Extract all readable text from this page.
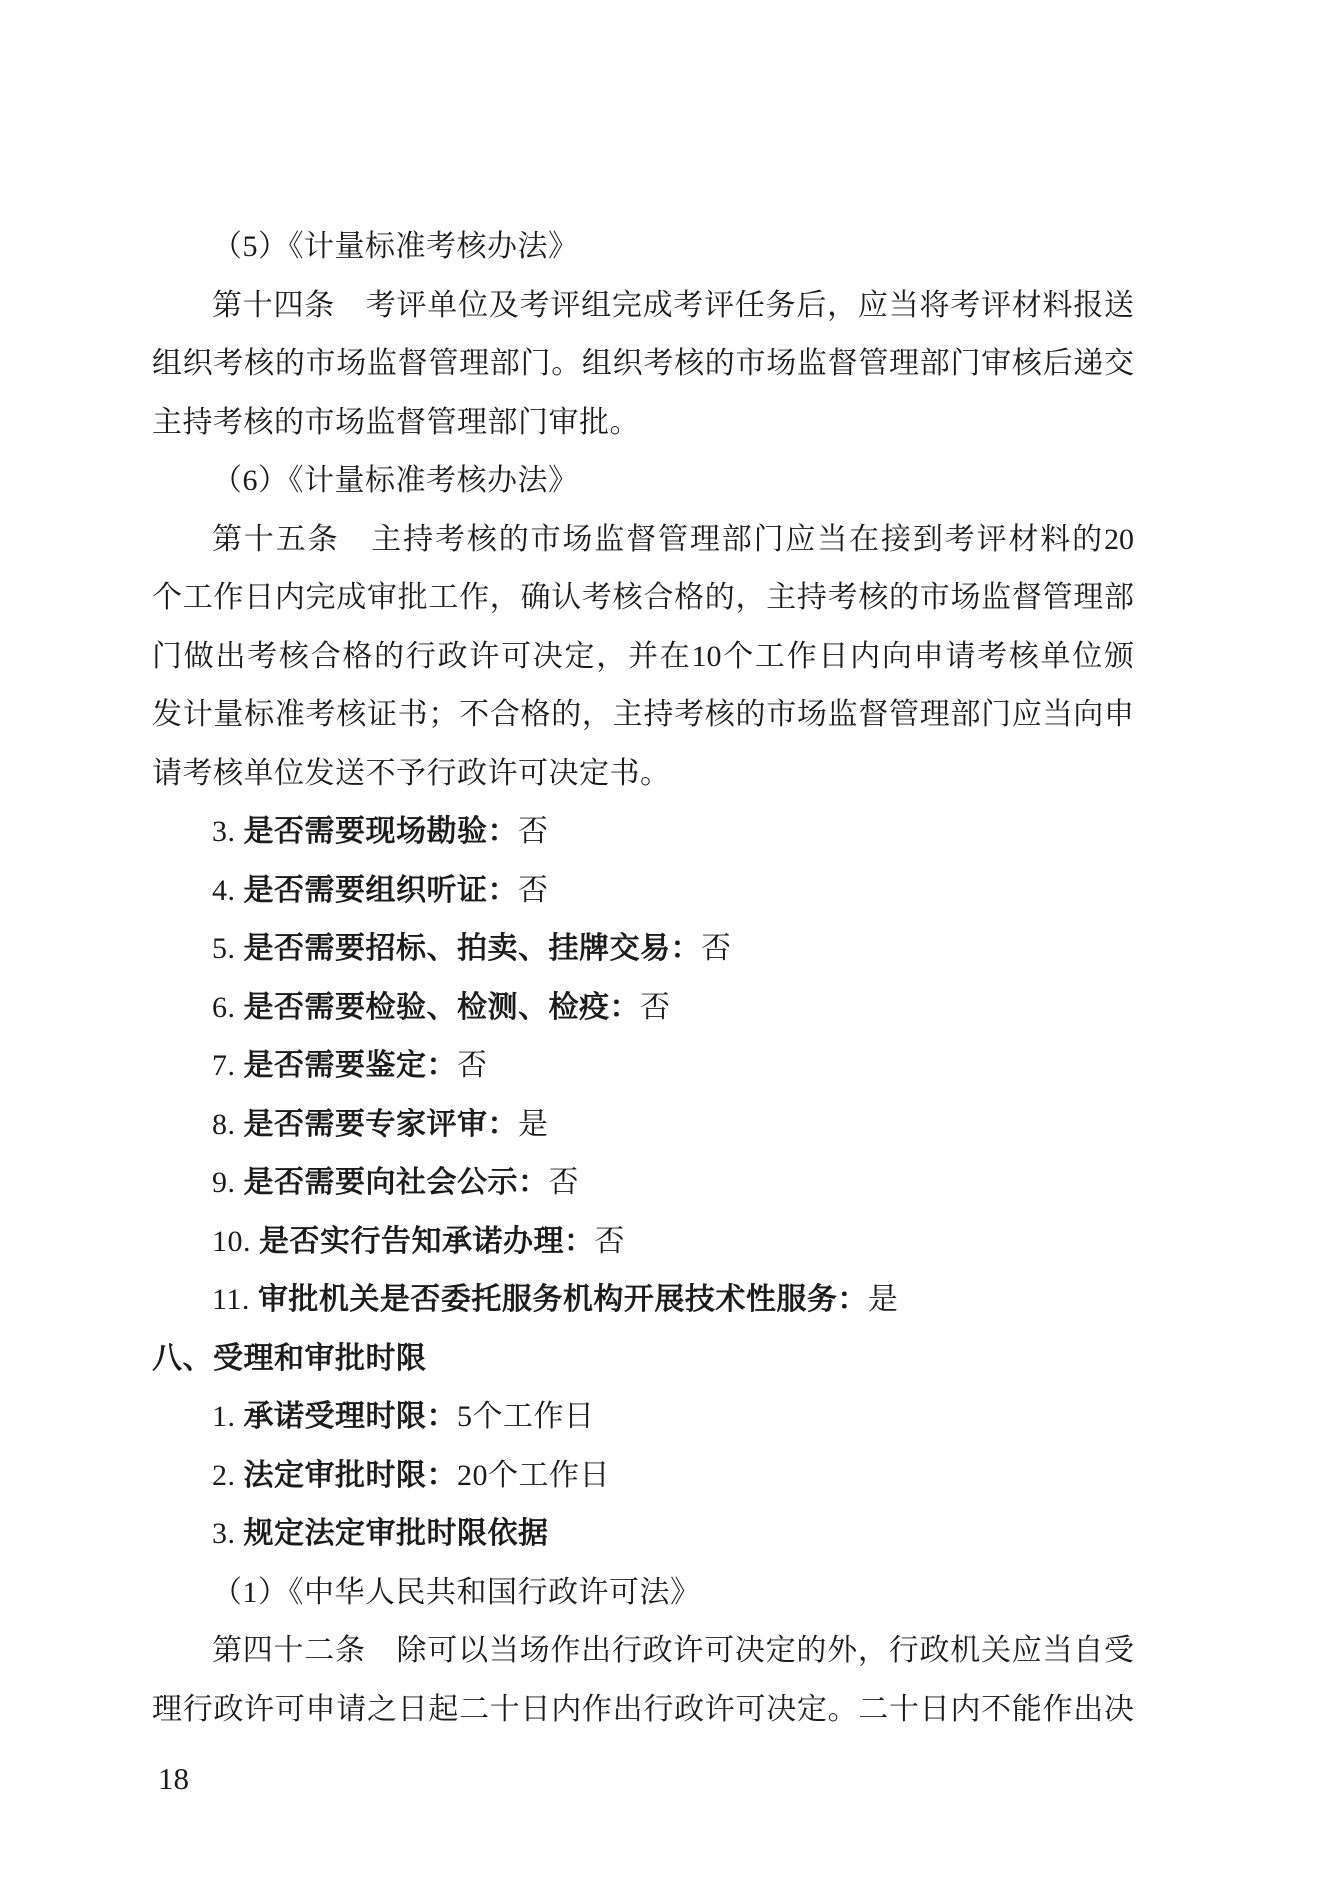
（5）《计量标准考核办法》
第十四条　考评单位及考评组完成考评任务后，应当将考评材料报送
组织考核的市场监督管理部门。组织考核的市场监督管理部门审核后递交
主持考核的市场监督管理部门审批。
（6）《计量标准考核办法》
第十五条　主持考核的市场监督管理部门应当在接到考评材料的20
个工作日内完成审批工作，确认考核合格的，主持考核的市场监督管理部
门做出考核合格的行政许可决定，并在10个工作日内向申请考核单位颁
发计量标准考核证书；不合格的，主持考核的市场监督管理部门应当向申
请考核单位发送不予行政许可决定书。
3. 是否需要现场勘验：否
4. 是否需要组织听证：否
5. 是否需要招标、拍卖、挂牌交易：否
6. 是否需要检验、检测、检疫：否
7. 是否需要鉴定：否
8. 是否需要专家评审：是
9. 是否需要向社会公示：否
10. 是否实行告知承诺办理：否
11. 审批机关是否委托服务机构开展技术性服务：是
八、受理和审批时限
1. 承诺受理时限：5个工作日
2. 法定审批时限：20个工作日
3. 规定法定审批时限依据
（1）《中华人民共和国行政许可法》
第四十二条　除可以当场作出行政许可决定的外，行政机关应当自受
理行政许可申请之日起二十日内作出行政许可决定。二十日内不能作出决
18
